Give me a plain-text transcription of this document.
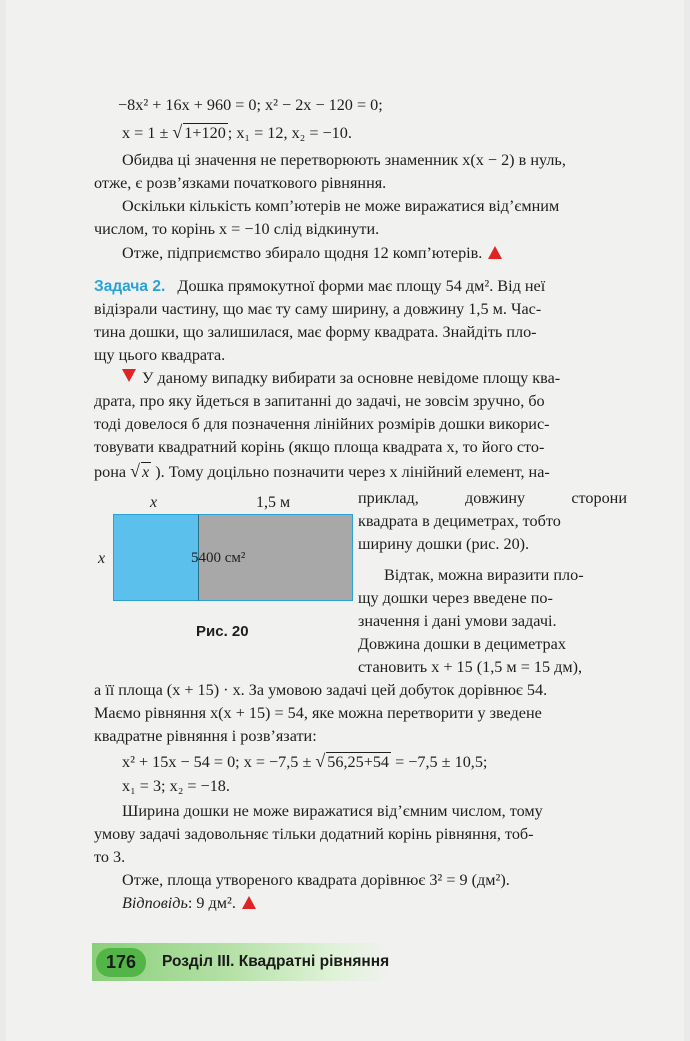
−8x² + 16x + 960 = 0; x² − 2x − 120 = 0;
x = 1 ± √ 1+120 ; x₁ = 12, x₂ = −10.
Обидва ці значення не перетворюють знаменник x(x − 2) в нуль,
отже, є розв’язками початкового рівняння.
Оскільки кількість комп’ютерів не може виражатися від’ємним
числом, то корінь x = −10 слід відкинути.
Отже, підприємство збирало щодня 12 комп’ютерів.
Задача 2. Дошка прямокутної форми має площу 54 дм². Від неї
відізрали частину, що має ту саму ширину, а довжину 1,5 м. Час-
тина дошки, що залишилася, має форму квадрата. Знайдіть пло-
щу цього квадрата.
У даному випадку вибирати за основне невідоме площу ква-
драта, про яку йдеться в запитанні до задачі, не зовсім зручно, бо
тоді довелося б для позначення лінійних розмірів дошки викорис-
товувати квадратний корінь (якщо площа квадрата x, то його сто-
рона √ x ). Тому доцільно позначити через x лінійний елемент, на-
x	1,5 м
x	5400 см²
Рис. 20
приклад, довжину сторони
квадрата в дециметрах, тобто
ширину дошки (рис. 20).
Відтак, можна виразити пло-
щу дошки через введене по-
значення і дані умови задачі.
Довжина дошки в дециметрах
становить x + 15 (1,5 м = 15 дм),
а її площа (x + 15) · x. За умовою задачі цей добуток дорівнює 54.
Маємо рівняння x(x + 15) = 54, яке можна перетворити у зведене
квадратне рівняння і розв’язати:
x² + 15x − 54 = 0; x = −7,5 ± √ 56,25+54 = −7,5 ± 10,5;
x₁ = 3; x₂ = −18.
Ширина дошки не може виражатися від’ємним числом, тому
умову задачі задовольняє тільки додатний корінь рівняння, тоб-
то 3.
Отже, площа утвореного квадрата дорівнює 3² = 9 (дм²).
Відповідь: 9 дм².
176	Розділ ІІІ. Квадратні рівняння
